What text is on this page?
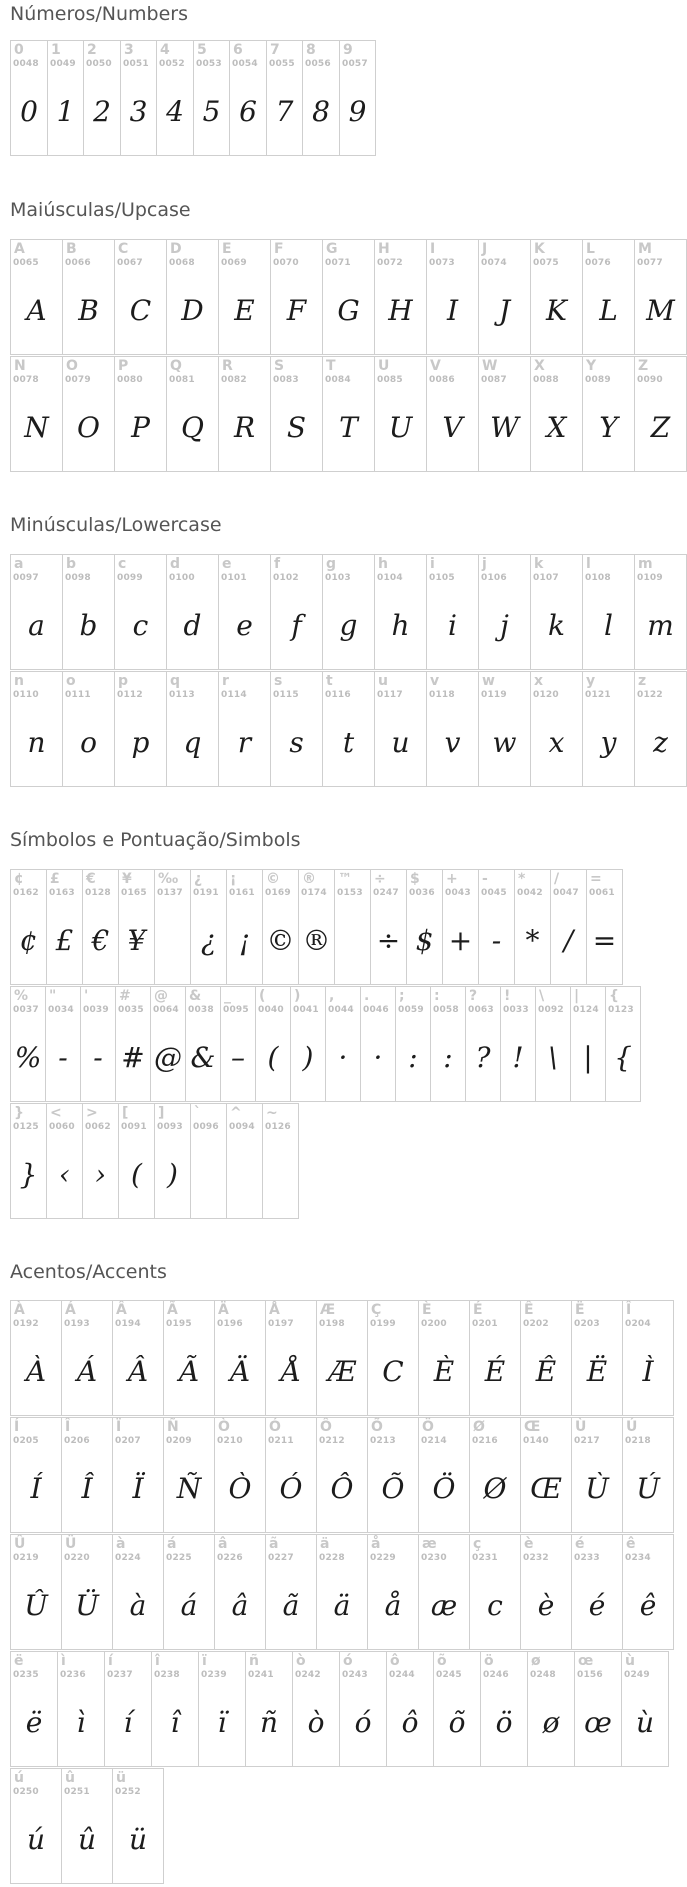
Números/Numbers
0
0048
0
1
0049
1
2
0050
2
3
0051
3
4
0052
4
5
0053
5
6
0054
6
7
0055
7
8
0056
8
9
0057
9
Maiúsculas/Upcase
A
0065
A
B
0066
B
C
0067
C
D
0068
D
E
0069
E
F
0070
F
G
0071
G
H
0072
H
I
0073
I
J
0074
J
K
0075
K
L
0076
L
M
0077
M
N
0078
N
O
0079
O
P
0080
P
Q
0081
Q
R
0082
R
S
0083
S
T
0084
T
U
0085
U
V
0086
V
W
0087
W
X
0088
X
Y
0089
Y
Z
0090
Z
Minúsculas/Lowercase
a
0097
a
b
0098
b
c
0099
c
d
0100
d
e
0101
e
f
0102
f
g
0103
g
h
0104
h
i
0105
i
j
0106
j
k
0107
k
l
0108
l
m
0109
m
n
0110
n
o
0111
o
p
0112
p
q
0113
q
r
0114
r
s
0115
s
t
0116
t
u
0117
u
v
0118
v
w
0119
w
x
0120
x
y
0121
y
z
0122
z
Símbolos e Pontuação/Simbols
¢
0162
¢
£
0163
£
€
0128
€
¥
0165
¥
‰
0137
¿
0191
¿
¡
0161
¡
©
0169
©
®
0174
®
™
0153
÷
0247
÷
$
0036
$
+
0043
+
-
0045
-
*
0042
*
/
0047
/
=
0061
=
%
0037
%
"
0034
-
'
0039
-
#
0035
#
@
0064
@
&
0038
&
_
0095
–
(
0040
(
)
0041
)
,
0044
·
.
0046
·
;
0059
:
:
0058
:
?
0063
?
!
0033
!
\
0092
\
|
0124
|
{
0123
{
}
0125
}
<
0060
‹
>
0062
›
[
0091
(
]
0093
)
`
0096
^
0094
~
0126
Acentos/Accents
À
0192
À
Á
0193
Á
Â
0194
Â
Ã
0195
Ã
Ä
0196
Ä
Å
0197
Å
Æ
0198
Æ
Ç
0199
C
È
0200
È
É
0201
É
Ê
0202
Ê
Ë
0203
Ë
Î
0204
Ì
Í
0205
Í
Î
0206
Î
Ï
0207
Ï
Ñ
0209
Ñ
Ò
0210
Ò
Ó
0211
Ó
Ô
0212
Ô
Õ
0213
Õ
Ö
0214
Ö
Ø
0216
Ø
Œ
0140
Œ
Ù
0217
Ù
Ú
0218
Ú
Û
0219
Û
Ü
0220
Ü
à
0224
à
á
0225
á
â
0226
â
ã
0227
ã
ä
0228
ä
å
0229
å
æ
0230
æ
ç
0231
c
è
0232
è
é
0233
é
ê
0234
ê
ë
0235
ë
ì
0236
ì
í
0237
í
î
0238
î
ï
0239
ï
ñ
0241
ñ
ò
0242
ò
ó
0243
ó
ô
0244
ô
õ
0245
õ
ö
0246
ö
ø
0248
ø
œ
0156
œ
ù
0249
ù
ú
0250
ú
û
0251
û
ü
0252
ü
